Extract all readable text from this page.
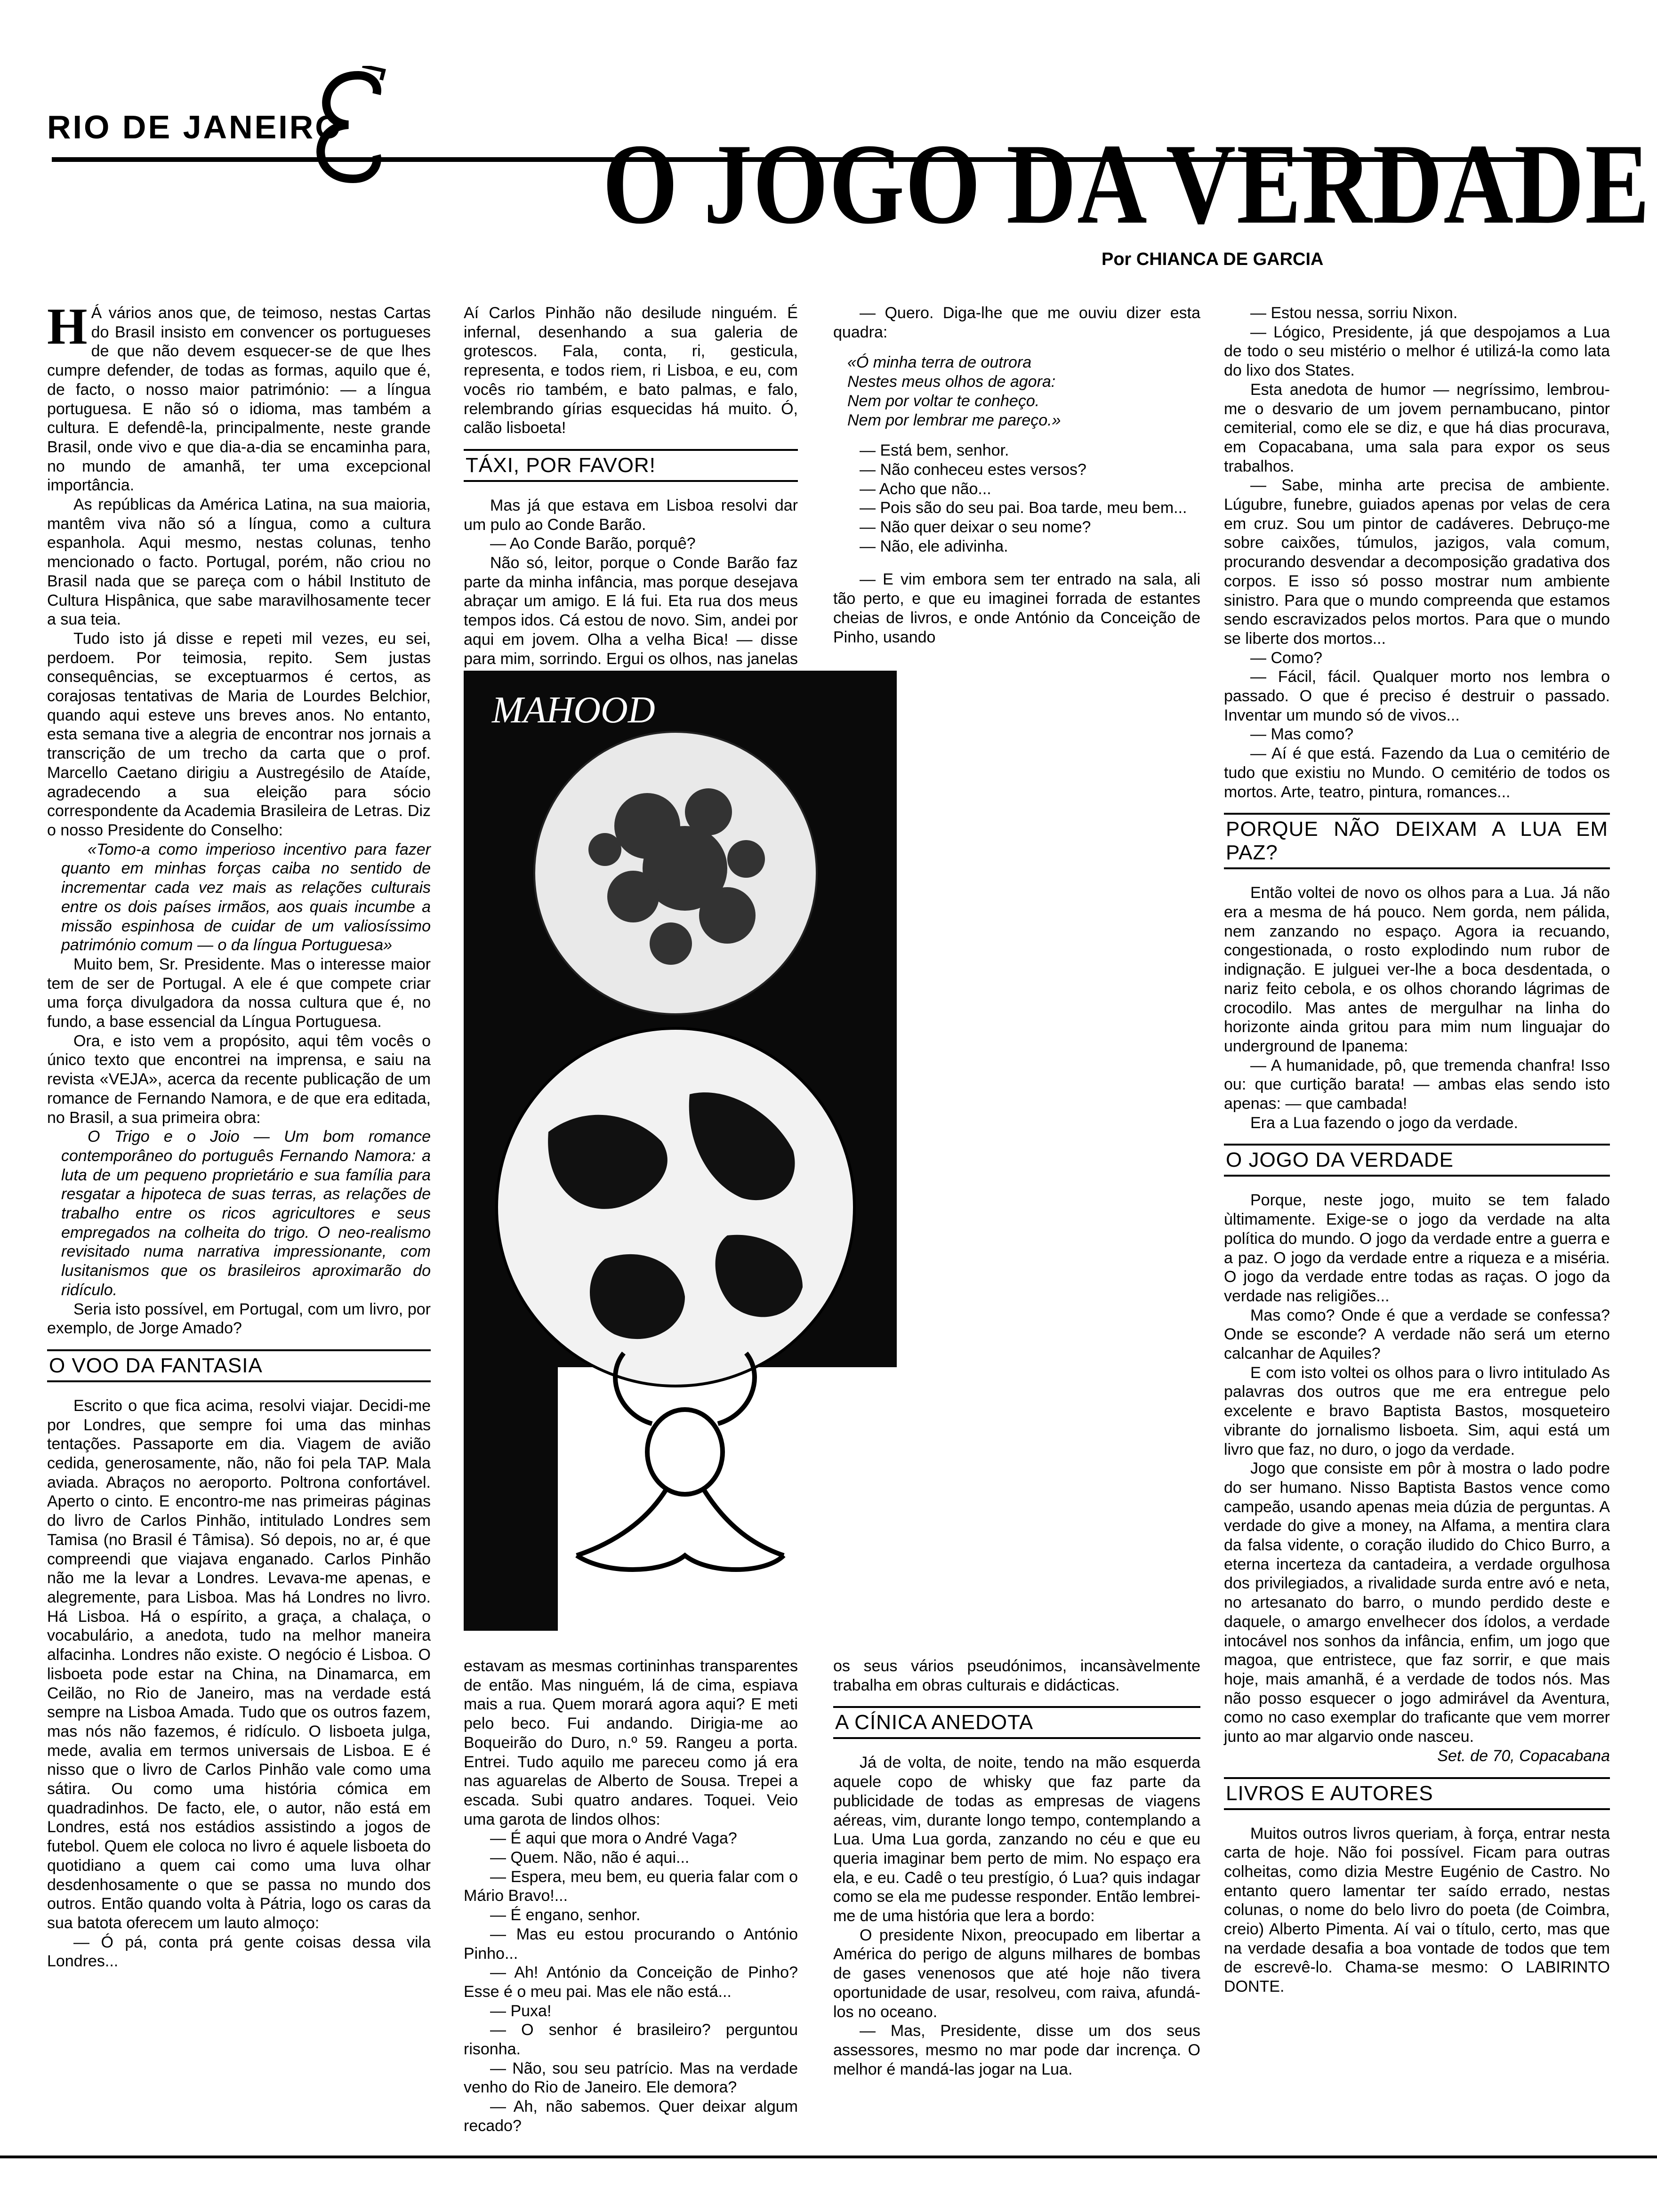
RIO DE JANEIRO O JOGO DA VERDADE
Por CHIANCA DE GARCIA

H Á vários anos que, de teimoso, nestas Cartas do Brasil insisto em convencer os portugueses de que não devem esquecer-se de que lhes cumpre defender, de todas as formas, aquilo que é, de facto, o nosso maior património: — a língua portuguesa. E não só o idioma, mas também a cultura. E defendê-la, principalmente, neste grande Brasil, onde vivo e que dia-a-dia se encaminha para, no mundo de amanhã, ter uma excepcional importância.

As repúblicas da América Latina, na sua maioria, mantêm viva não só a língua, como a cultura espanhola. Aqui mesmo, nestas colunas, tenho mencionado o facto. Portugal, porém, não criou no Brasil nada que se pareça com o hábil Instituto de Cultura Hispânica, que sabe maravilhosamente tecer a sua teia.

Tudo isto já disse e repeti mil vezes, eu sei, perdoem. Por teimosia, repito. Sem justas consequências, se exceptuarmos é certos, as corajosas tentativas de Maria de Lourdes Belchior, quando aqui esteve uns breves anos. No entanto, esta semana tive a alegria de encontrar nos jornais a transcrição de um trecho da carta que o prof. Marcello Caetano dirigiu a Austregésilo de Ataíde, agradecendo a sua eleição para sócio correspondente da Academia Brasileira de Letras. Diz o nosso Presidente do Conselho:

«Tomo-a como imperioso incentivo para fazer quanto em minhas forças caiba no sentido de incrementar cada vez mais as relações culturais entre os dois países irmãos, aos quais incumbe a missão espinhosa de cuidar de um valiosíssimo património comum — o da língua Portuguesa»

Muito bem, Sr. Presidente. Mas o interesse maior tem de ser de Portugal. A ele é que compete criar uma força divulgadora da nossa cultura que é, no fundo, a base essencial da Língua Portuguesa.

Ora, e isto vem a propósito, aqui têm vocês o único texto que encontrei na imprensa, e saiu na revista «VEJA», acerca da recente publicação de um romance de Fernando Namora, e de que era editada, no Brasil, a sua primeira obra:

O Trigo e o Joio — Um bom romance contemporâneo do português Fernando Namora: a luta de um pequeno proprietário e sua família para resgatar a hipoteca de suas terras, as relações de trabalho entre os ricos agricultores e seus empregados na colheita do trigo. O neo-realismo revisitado numa narrativa impressionante, com lusitanismos que os brasileiros aproximarão do ridículo.

Seria isto possível, em Portugal, com um livro, por exemplo, de Jorge Amado?

O VOO DA FANTASIA

Escrito o que fica acima, resolvi viajar. Decidi-me por Londres, que sempre foi uma das minhas tentações. Passaporte em dia. Viagem de avião cedida, generosamente, não, não foi pela TAP. Mala aviada. Abraços no aeroporto. Poltrona confortável. Aperto o cinto. E encontro-me nas primeiras páginas do livro de Carlos Pinhão, intitulado Londres sem Tamisa (no Brasil é Tâmisa). Só depois, no ar, é que compreendi que viajava enganado. Carlos Pinhão não me la levar a Londres. Levava-me apenas, e alegremente, para Lisboa. Mas há Londres no livro. Há Lisboa. Há o espírito, a graça, a chalaça, o vocabulário, a anedota, tudo na melhor maneira alfacinha. Londres não existe. O negócio é Lisboa. O lisboeta pode estar na China, na Dinamarca, em Ceilão, no Rio de Janeiro, mas na verdade está sempre na Lisboa Amada. Tudo que os outros fazem, mas nós não fazemos, é ridículo. O lisboeta julga, mede, avalia em termos universais de Lisboa. E é nisso que o livro de Carlos Pinhão vale como uma sátira. Ou como uma história cómica em quadradinhos. De facto, ele, o autor, não está em Londres, está nos estádios assistindo a jogos de futebol. Quem ele coloca no livro é aquele lisboeta do quotidiano a quem cai como uma luva olhar desdenhosamente o que se passa no mundo dos outros. Então quando volta à Pátria, logo os caras da sua batota oferecem um lauto almoço:

— Ó pá, conta prá gente coisas dessa vila Londres...

Aí Carlos Pinhão não desilude ninguém. É infernal, desenhando a sua galeria de grotescos. Fala, conta, ri, gesticula, representa, e todos riem, ri Lisboa, e eu, com vocês rio também, e bato palmas, e falo, relembrando gírias esquecidas há muito. Ó, calão lisboeta!

TÁXI, POR FAVOR!

Mas já que estava em Lisboa resolvi dar um pulo ao Conde Barão.

— Ao Conde Barão, porquê?

Não só, leitor, porque o Conde Barão faz parte da minha infância, mas porque desejava abraçar um amigo. E lá fui. Eta rua dos meus tempos idos. Cá estou de novo. Sim, andei por aqui em jovem. Olha a velha Bica! — disse para mim, sorrindo. Ergui os olhos, nas janelas

— Quero. Diga-lhe que me ouviu dizer esta quadra:

«Ó minha terra de outrora

Nestes meus olhos de agora:

Nem por voltar te conheço.

Nem por lembrar me pareço.»

— Está bem, senhor.

— Não conheceu estes versos?

— Acho que não...

— Pois são do seu pai. Boa tarde, meu bem...

— Não quer deixar o seu nome?

— Não, ele adivinha.

— E vim embora sem ter entrado na sala, ali tão perto, e que eu imaginei forrada de estantes cheias de livros, e onde António da Conceição de Pinho, usando

MAHOOD

estavam as mesmas cortininhas transparentes de então. Mas ninguém, lá de cima, espiava mais a rua. Quem morará agora aqui? E meti pelo beco. Fui andando. Dirigia-me ao Boqueirão do Duro, n.º 59. Rangeu a porta. Entrei. Tudo aquilo me pareceu como já era nas aguarelas de Alberto de Sousa. Trepei a escada. Subi quatro andares. Toquei. Veio uma garota de lindos olhos:

— É aqui que mora o André Vaga?

— Quem. Não, não é aqui...

— Espera, meu bem, eu queria falar com o Mário Bravo!...

— É engano, senhor.

— Mas eu estou procurando o António Pinho...

— Ah! António da Conceição de Pinho? Esse é o meu pai. Mas ele não está...

— Puxa!

— O senhor é brasileiro? perguntou risonha.

— Não, sou seu patrício. Mas na verdade venho do Rio de Janeiro. Ele demora?

— Ah, não sabemos. Quer deixar algum recado?

os seus vários pseudónimos, incansàvelmente trabalha em obras culturais e didácticas.

A CÍNICA ANEDOTA

Já de volta, de noite, tendo na mão esquerda aquele copo de whisky que faz parte da publicidade de todas as empresas de viagens aéreas, vim, durante longo tempo, contemplando a Lua. Uma Lua gorda, zanzando no céu e que eu queria imaginar bem perto de mim. No espaço era ela, e eu. Cadê o teu prestígio, ó Lua? quis indagar como se ela me pudesse responder. Então lembrei-me de uma história que lera a bordo:

O presidente Nixon, preocupado em libertar a América do perigo de alguns milhares de bombas de gases venenosos que até hoje não tivera oportunidade de usar, resolveu, com raiva, afundá-los no oceano.

— Mas, Presidente, disse um dos seus assessores, mesmo no mar pode dar incrença. O melhor é mandá-las jogar na Lua.

— Estou nessa, sorriu Nixon.

— Lógico, Presidente, já que despojamos a Lua de todo o seu mistério o melhor é utilizá-la como lata do lixo dos States.

Esta anedota de humor — negríssimo, lembrou-me o desvario de um jovem pernambucano, pintor cemiterial, como ele se diz, e que há dias procurava, em Copacabana, uma sala para expor os seus trabalhos.

— Sabe, minha arte precisa de ambiente. Lúgubre, funebre, guiados apenas por velas de cera em cruz. Sou um pintor de cadáveres. Debruço-me sobre caixões, túmulos, jazigos, vala comum, procurando desvendar a decomposição gradativa dos corpos. E isso só posso mostrar num ambiente sinistro. Para que o mundo compreenda que estamos sendo escravizados pelos mortos. Para que o mundo se liberte dos mortos...

— Como?

— Fácil, fácil. Qualquer morto nos lembra o passado. O que é preciso é destruir o passado. Inventar um mundo só de vivos...

— Mas como?

— Aí é que está. Fazendo da Lua o cemitério de tudo que existiu no Mundo. O cemitério de todos os mortos. Arte, teatro, pintura, romances...

PORQUE NÃO DEIXAM A LUA EM PAZ?

Então voltei de novo os olhos para a Lua. Já não era a mesma de há pouco. Nem gorda, nem pálida, nem zanzando no espaço. Agora ia recuando, congestionada, o rosto explodindo num rubor de indignação. E julguei ver-lhe a boca desdentada, o nariz feito cebola, e os olhos chorando lágrimas de crocodilo. Mas antes de mergulhar na linha do horizonte ainda gritou para mim num linguajar do underground de Ipanema:

— A humanidade, pô, que tremenda chanfra! Isso ou: que curtição barata! — ambas elas sendo isto apenas: — que cambada!

Era a Lua fazendo o jogo da verdade.

O JOGO DA VERDADE

Porque, neste jogo, muito se tem falado ùltimamente. Exige-se o jogo da verdade na alta política do mundo. O jogo da verdade entre a guerra e a paz. O jogo da verdade entre a riqueza e a miséria. O jogo da verdade entre todas as raças. O jogo da verdade nas religiões...

Mas como? Onde é que a verdade se confessa? Onde se esconde? A verdade não será um eterno calcanhar de Aquiles?

E com isto voltei os olhos para o livro intitulado As palavras dos outros que me era entregue pelo excelente e bravo Baptista Bastos, mosqueteiro vibrante do jornalismo lisboeta. Sim, aqui está um livro que faz, no duro, o jogo da verdade.

Jogo que consiste em pôr à mostra o lado podre do ser humano. Nisso Baptista Bastos vence como campeão, usando apenas meia dúzia de perguntas. A verdade do give a money, na Alfama, a mentira clara da falsa vidente, o coração iludido do Chico Burro, a eterna incerteza da cantadeira, a verdade orgulhosa dos privilegiados, a rivalidade surda entre avó e neta, no artesanato do barro, o mundo perdido deste e daquele, o amargo envelhecer dos ídolos, a verdade intocável nos sonhos da infância, enfim, um jogo que magoa, que entristece, que faz sorrir, e que mais hoje, mais amanhã, é a verdade de todos nós. Mas não posso esquecer o jogo admirável da Aventura, como no caso exemplar do traficante que vem morrer junto ao mar algarvio onde nasceu.

Set. de 70, Copacabana

LIVROS E AUTORES

Muitos outros livros queriam, à força, entrar nesta carta de hoje. Não foi possível. Ficam para outras colheitas, como dizia Mestre Eugénio de Castro. No entanto quero lamentar ter saído errado, nestas colunas, o nome do belo livro do poeta (de Coimbra, creio) Alberto Pimenta. Aí vai o título, certo, mas que na verdade desafia a boa vontade de todos que tem de escrevê-lo. Chama-se mesmo: O LABIRINTO DONTE.
